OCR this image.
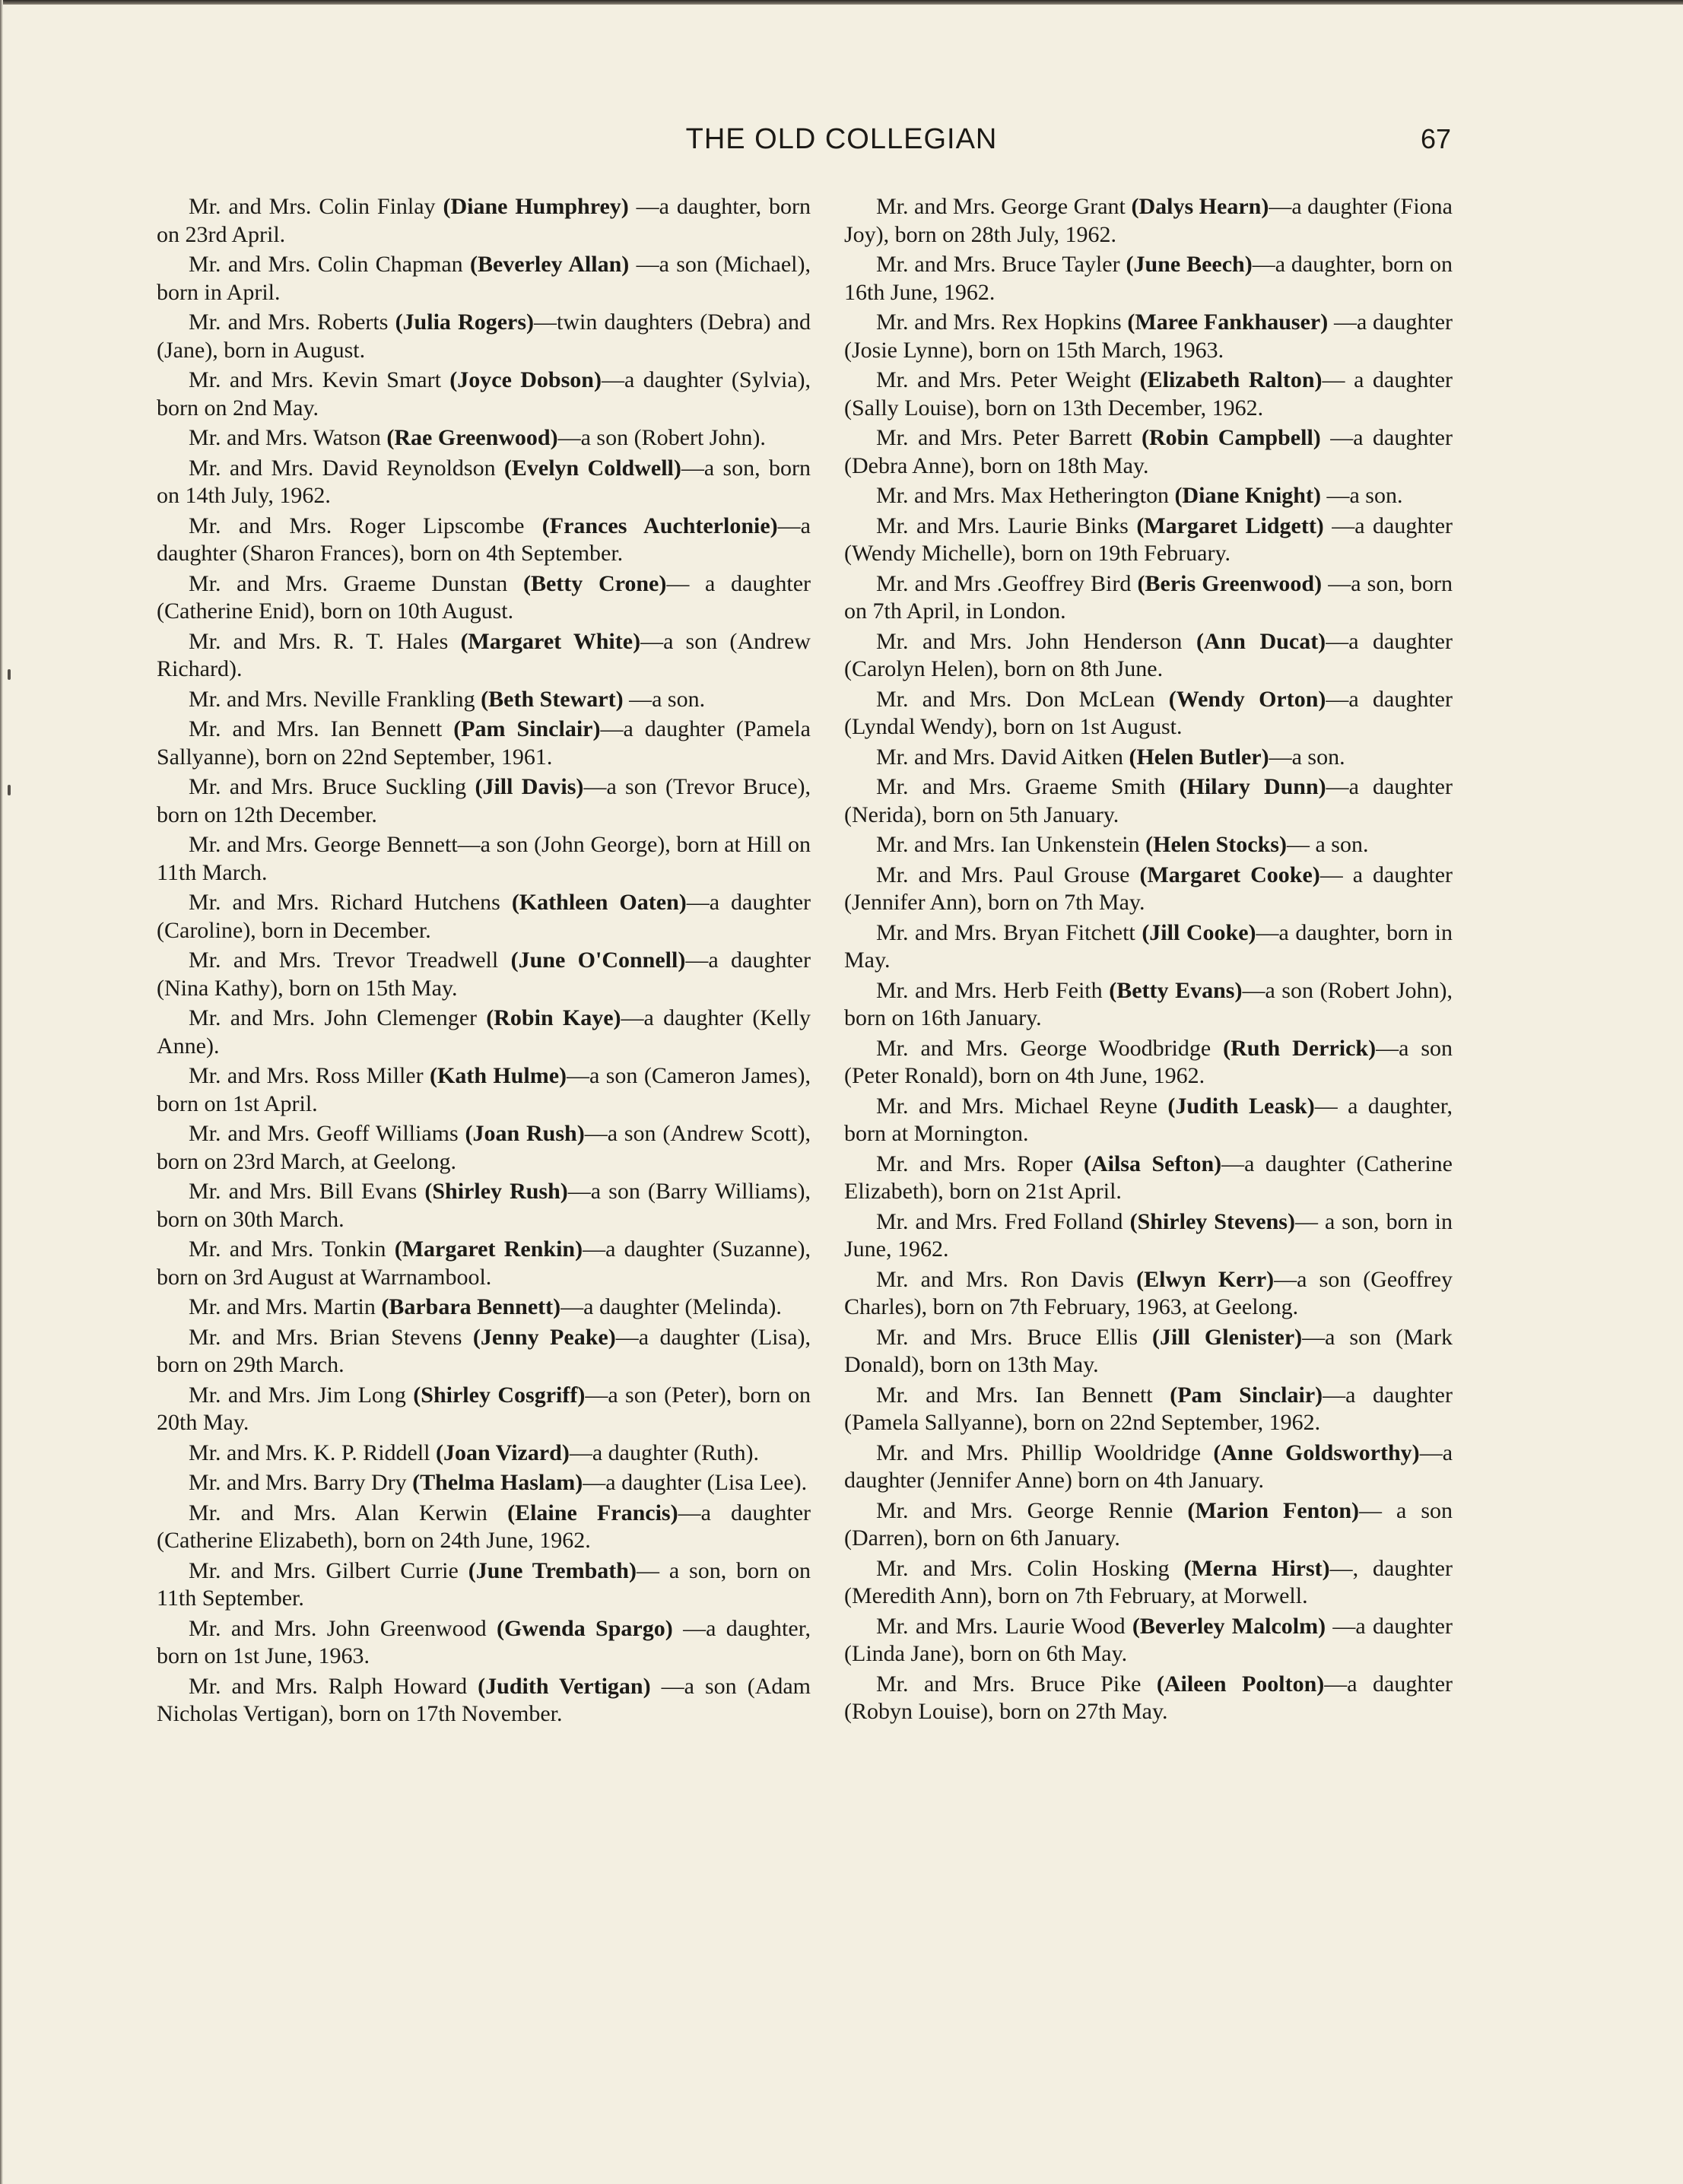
THE OLD COLLEGIAN	67

Mr. and Mrs. Colin Finlay (Diane Humphrey) —a daughter, born on 23rd April.

Mr. and Mrs. Colin Chapman (Beverley Allan) —a son (Michael), born in April.

Mr. and Mrs. Roberts (Julia Rogers)—twin daughters (Debra) and (Jane), born in August.

Mr. and Mrs. Kevin Smart (Joyce Dobson)—a daughter (Sylvia), born on 2nd May.

Mr. and Mrs. Watson (Rae Greenwood)—a son (Robert John).

Mr. and Mrs. David Reynoldson (Evelyn Coldwell)—a son, born on 14th July, 1962.

Mr. and Mrs. Roger Lipscombe (Frances Auchterlonie)—a daughter (Sharon Frances), born on 4th September.

Mr. and Mrs. Graeme Dunstan (Betty Crone)— a daughter (Catherine Enid), born on 10th August.

Mr. and Mrs. R. T. Hales (Margaret White)—a son (Andrew Richard).

Mr. and Mrs. Neville Frankling (Beth Stewart) —a son.

Mr. and Mrs. Ian Bennett (Pam Sinclair)—a daughter (Pamela Sallyanne), born on 22nd September, 1961.

Mr. and Mrs. Bruce Suckling (Jill Davis)—a son (Trevor Bruce), born on 12th December.

Mr. and Mrs. George Bennett—a son (John George), born at Hill on 11th March.

Mr. and Mrs. Richard Hutchens (Kathleen Oaten)—a daughter (Caroline), born in December.

Mr. and Mrs. Trevor Treadwell (June O'Connell)—a daughter (Nina Kathy), born on 15th May.

Mr. and Mrs. John Clemenger (Robin Kaye)—a daughter (Kelly Anne).

Mr. and Mrs. Ross Miller (Kath Hulme)—a son (Cameron James), born on 1st April.

Mr. and Mrs. Geoff Williams (Joan Rush)—a son (Andrew Scott), born on 23rd March, at Geelong.

Mr. and Mrs. Bill Evans (Shirley Rush)—a son (Barry Williams), born on 30th March.

Mr. and Mrs. Tonkin (Margaret Renkin)—a daughter (Suzanne), born on 3rd August at Warrnambool.

Mr. and Mrs. Martin (Barbara Bennett)—a daughter (Melinda).

Mr. and Mrs. Brian Stevens (Jenny Peake)—a daughter (Lisa), born on 29th March.

Mr. and Mrs. Jim Long (Shirley Cosgriff)—a son (Peter), born on 20th May.

Mr. and Mrs. K. P. Riddell (Joan Vizard)—a daughter (Ruth).

Mr. and Mrs. Barry Dry (Thelma Haslam)—a daughter (Lisa Lee).

Mr. and Mrs. Alan Kerwin (Elaine Francis)—a daughter (Catherine Elizabeth), born on 24th June, 1962.

Mr. and Mrs. Gilbert Currie (June Trembath)— a son, born on 11th September.

Mr. and Mrs. John Greenwood (Gwenda Spargo) —a daughter, born on 1st June, 1963.

Mr. and Mrs. Ralph Howard (Judith Vertigan) —a son (Adam Nicholas Vertigan), born on 17th November.

Mr. and Mrs. George Grant (Dalys Hearn)—a daughter (Fiona Joy), born on 28th July, 1962.

Mr. and Mrs. Bruce Tayler (June Beech)—a daughter, born on 16th June, 1962.

Mr. and Mrs. Rex Hopkins (Maree Fankhauser) —a daughter (Josie Lynne), born on 15th March, 1963.

Mr. and Mrs. Peter Weight (Elizabeth Ralton)— a daughter (Sally Louise), born on 13th December, 1962.

Mr. and Mrs. Peter Barrett (Robin Campbell) —a daughter (Debra Anne), born on 18th May.

Mr. and Mrs. Max Hetherington (Diane Knight) —a son.

Mr. and Mrs. Laurie Binks (Margaret Lidgett) —a daughter (Wendy Michelle), born on 19th February.

Mr. and Mrs .Geoffrey Bird (Beris Greenwood) —a son, born on 7th April, in London.

Mr. and Mrs. John Henderson (Ann Ducat)—a daughter (Carolyn Helen), born on 8th June.

Mr. and Mrs. Don McLean (Wendy Orton)—a daughter (Lyndal Wendy), born on 1st August.

Mr. and Mrs. David Aitken (Helen Butler)—a son.

Mr. and Mrs. Graeme Smith (Hilary Dunn)—a daughter (Nerida), born on 5th January.

Mr. and Mrs. Ian Unkenstein (Helen Stocks)— a son.

Mr. and Mrs. Paul Grouse (Margaret Cooke)— a daughter (Jennifer Ann), born on 7th May.

Mr. and Mrs. Bryan Fitchett (Jill Cooke)—a daughter, born in May.

Mr. and Mrs. Herb Feith (Betty Evans)—a son (Robert John), born on 16th January.

Mr. and Mrs. George Woodbridge (Ruth Derrick)—a son (Peter Ronald), born on 4th June, 1962.

Mr. and Mrs. Michael Reyne (Judith Leask)— a daughter, born at Mornington.

Mr. and Mrs. Roper (Ailsa Sefton)—a daughter (Catherine Elizabeth), born on 21st April.

Mr. and Mrs. Fred Folland (Shirley Stevens)— a son, born in June, 1962.

Mr. and Mrs. Ron Davis (Elwyn Kerr)—a son (Geoffrey Charles), born on 7th February, 1963, at Geelong.

Mr. and Mrs. Bruce Ellis (Jill Glenister)—a son (Mark Donald), born on 13th May.

Mr. and Mrs. Ian Bennett (Pam Sinclair)—a daughter (Pamela Sallyanne), born on 22nd September, 1962.

Mr. and Mrs. Phillip Wooldridge (Anne Goldsworthy)—a daughter (Jennifer Anne) born on 4th January.

Mr. and Mrs. George Rennie (Marion Fenton)— a son (Darren), born on 6th January.

Mr. and Mrs. Colin Hosking (Merna Hirst)—, daughter (Meredith Ann), born on 7th February, at Morwell.

Mr. and Mrs. Laurie Wood (Beverley Malcolm) —a daughter (Linda Jane), born on 6th May.

Mr. and Mrs. Bruce Pike (Aileen Poolton)—a daughter (Robyn Louise), born on 27th May.
